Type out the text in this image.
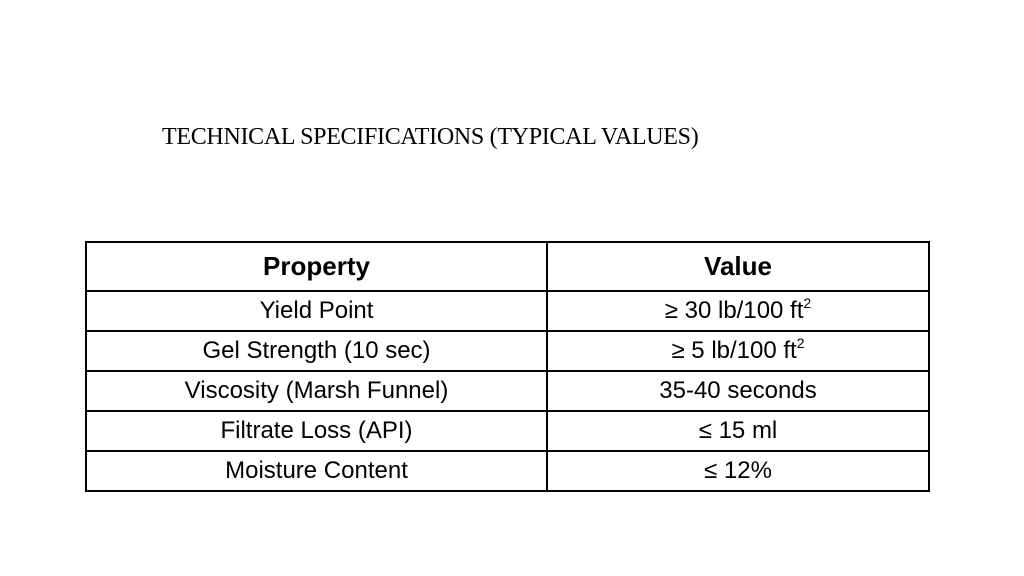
TECHNICAL SPECIFICATIONS (TYPICAL VALUES)
Property	Value
Yield Point	≥ 30 lb/100 $ft^2$
Gel Strength (10 sec)	≥ 5 lb/100 $ft^2$
Viscosity (Marsh Funnel)	35-40 seconds
Filtrate Loss (API)	≤ 15 ml
Moisture Content	≤ 12%
